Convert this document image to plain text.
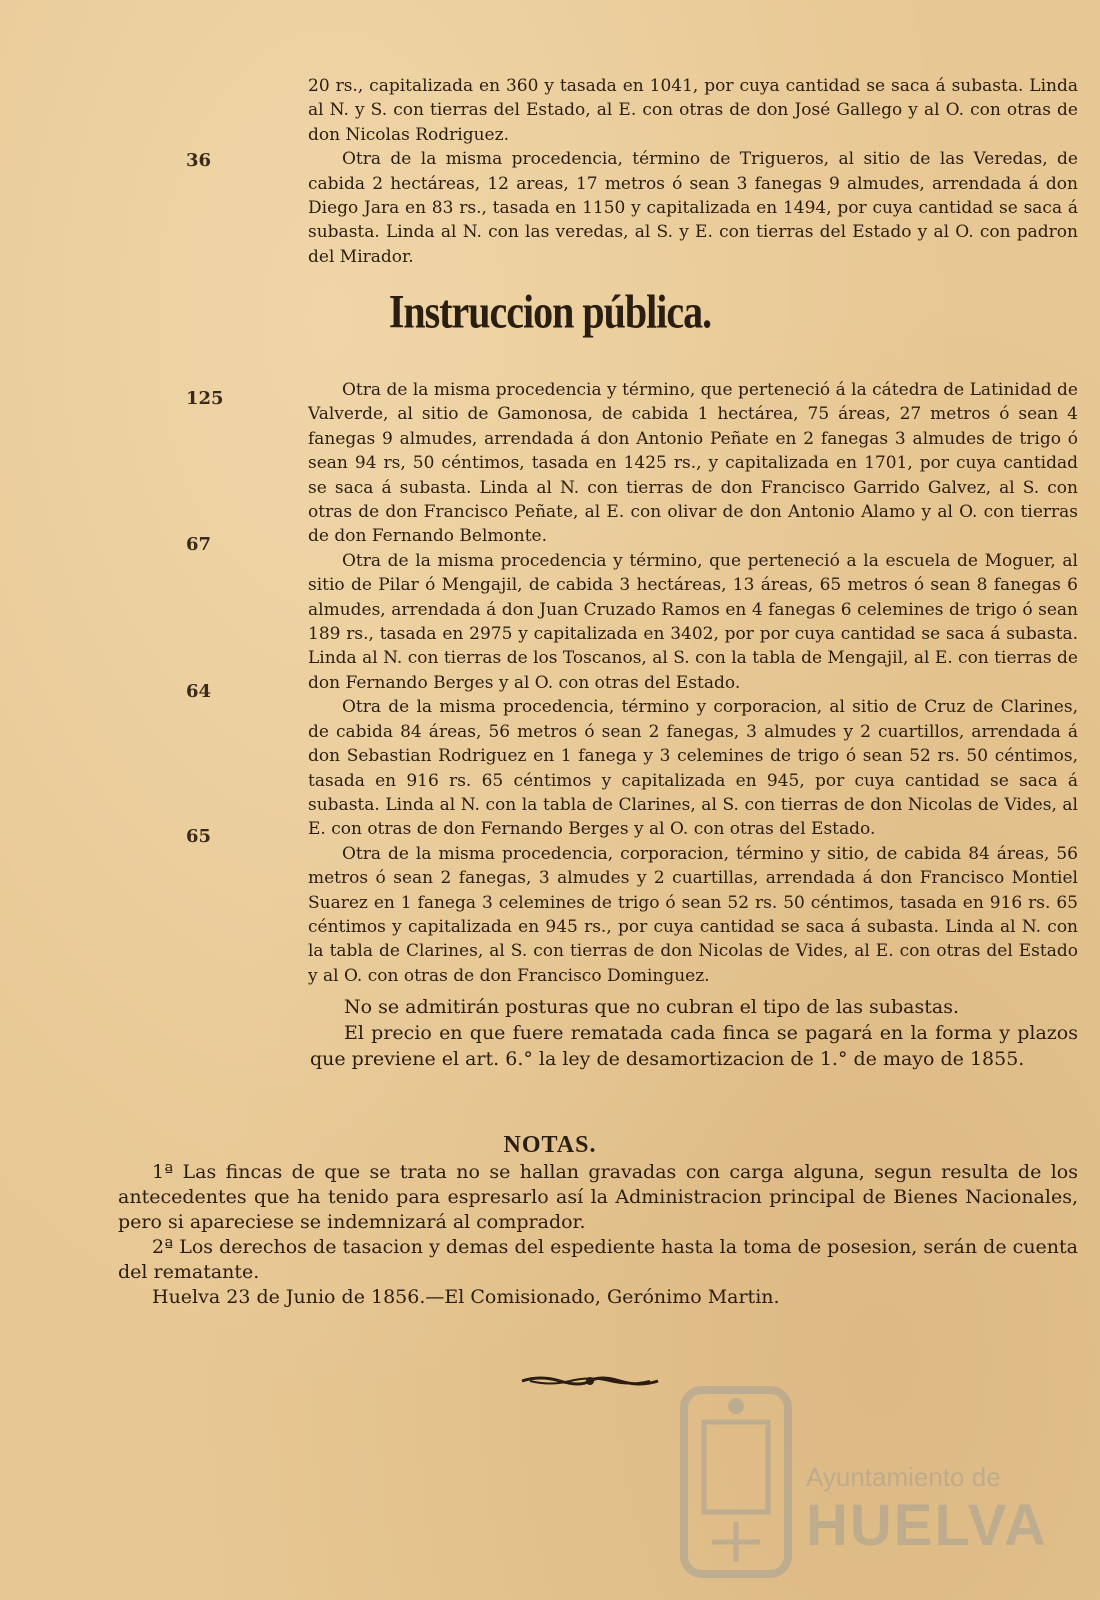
20 rs., capitalizada en 360 y tasada en 1041, por cuya cantidad se saca á subasta. Linda al N. y S. con tierras del Estado, al E. con otras de don José Gallego y al O. con otras de don Nicolas Rodriguez.

Otra de la misma procedencia, término de Trigueros, al sitio de las Veredas, de cabida 2 hectáreas, 12 areas, 17 metros ó sean 3 fanegas 9 almudes, arrendada á don Diego Jara en 83 rs., tasada en 1150 y capitalizada en 1494, por cuya cantidad se saca á subasta. Linda al N. con las veredas, al S. y E. con tierras del Estado y al O. con padron del Mirador.

36
Instruccion pública.

Otra de la misma procedencia y término, que perteneció á la cátedra de Latinidad de Valverde, al sitio de Gamonosa, de cabida 1 hectárea, 75 áreas, 27 metros ó sean 4 fanegas 9 almudes, arrendada á don Antonio Peñate en 2 fanegas 3 almudes de trigo ó sean 94 rs, 50 céntimos, tasada en 1425 rs., y capitalizada en 1701, por cuya cantidad se saca á subasta. Linda al N. con tierras de don Francisco Garrido Galvez, al S. con otras de don Francisco Peñate, al E. con olivar de don Antonio Alamo y al O. con tierras de don Fernando Belmonte.

Otra de la misma procedencia y término, que perteneció a la escuela de Moguer, al sitio de Pilar ó Mengajil, de cabida 3 hectáreas, 13 áreas, 65 metros ó sean 8 fanegas 6 almudes, arrendada á don Juan Cruzado Ramos en 4 fanegas 6 celemines de trigo ó sean 189 rs., tasada en 2975 y capitalizada en 3402, por por cuya cantidad se saca á subasta. Linda al N. con tierras de los Toscanos, al S. con la tabla de Mengajil, al E. con tierras de don Fernando Berges y al O. con otras del Estado.

Otra de la misma procedencia, término y corporacion, al sitio de Cruz de Clarines, de cabida 84 áreas, 56 metros ó sean 2 fanegas, 3 almudes y 2 cuartillos, arrendada á don Sebastian Rodriguez en 1 fanega y 3 celemines de trigo ó sean 52 rs. 50 céntimos, tasada en 916 rs. 65 céntimos y capitalizada en 945, por cuya cantidad se saca á subasta. Linda al N. con la tabla de Clarines, al S. con tierras de don Nicolas de Vides, al E. con otras de don Fernando Berges y al O. con otras del Estado.

Otra de la misma procedencia, corporacion, término y sitio, de cabida 84 áreas, 56 metros ó sean 2 fanegas, 3 almudes y 2 cuartillas, arrendada á don Francisco Montiel Suarez en 1 fanega 3 celemines de trigo ó sean 52 rs. 50 céntimos, tasada en 916 rs. 65 céntimos y capitalizada en 945 rs., por cuya cantidad se saca á subasta. Linda al N. con la tabla de Clarines, al S. con tierras de don Nicolas de Vides, al E. con otras del Estado y al O. con otras de don Francisco Dominguez.

125
67
64
65

No se admitirán posturas que no cubran el tipo de las subastas.

El precio en que fuere rematada cada finca se pagará en la forma y plazos que previene el art. 6.° la ley de desamortizacion de 1.° de mayo de 1855.

NOTAS.

1ª Las fincas de que se trata no se hallan gravadas con carga alguna, segun resulta de los antecedentes que ha tenido para espresarlo así la Administracion principal de Bienes Nacionales, pero si apareciese se indemnizará al comprador.

2ª Los derechos de tasacion y demas del espediente hasta la toma de posesion, serán de cuenta del rematante.

Huelva 23 de Junio de 1856.—El Comisionado, Gerónimo Martin.

Ayuntamiento de
HUELVA
